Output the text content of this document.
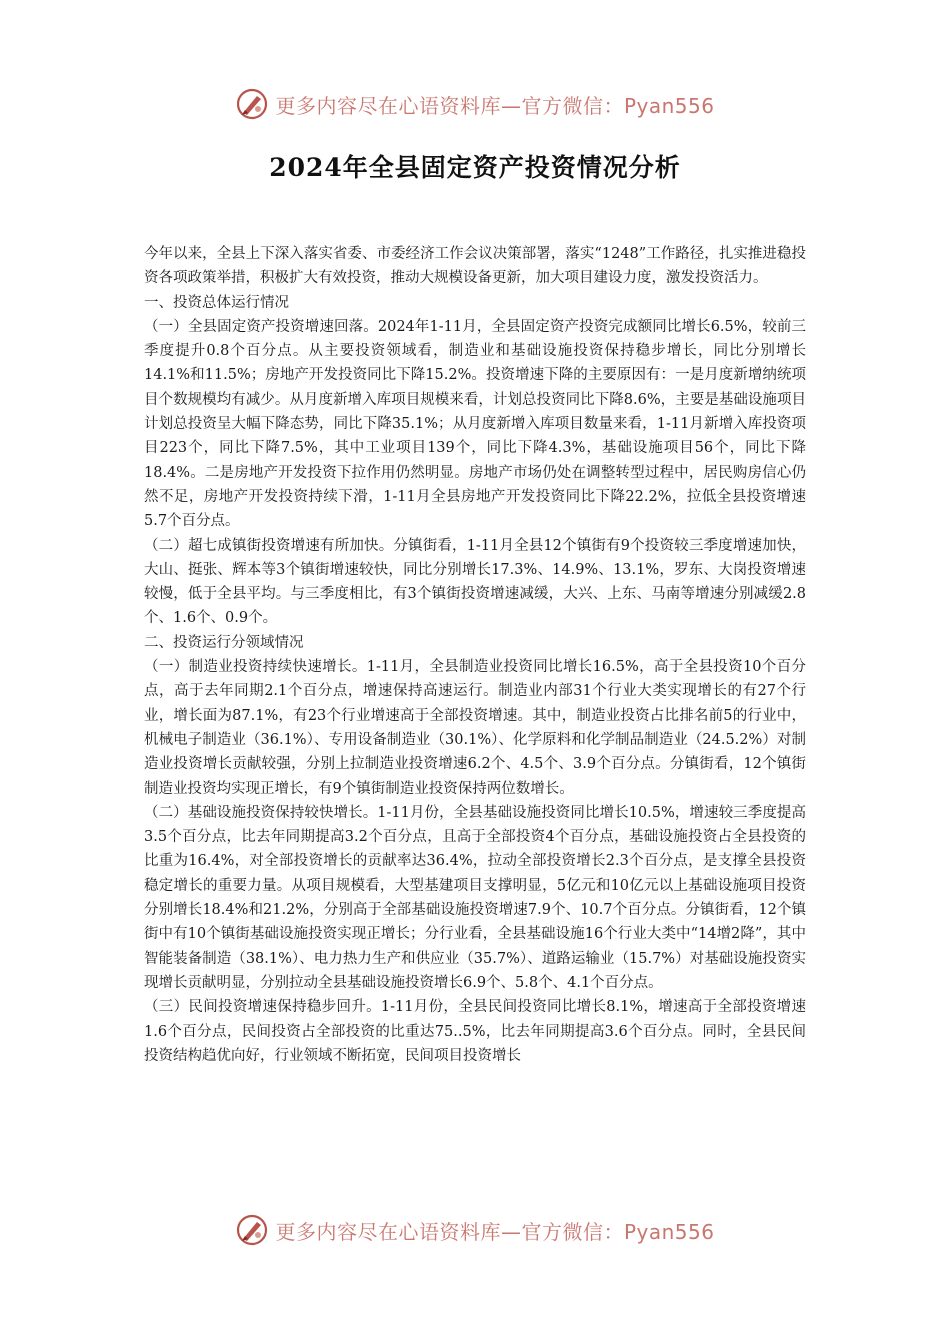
更多内容尽在心语资料库—官方微信：Pyan556
2024年全县固定资产投资情况分析

今年以来，全县上下深入落实省委、市委经济工作会议决策部署，落实“1248”工作路径，扎实推进稳投资各项政策举措，积极扩大有效投资，推动大规模设备更新，加大项目建设力度，激发投资活力。

一、投资总体运行情况

（一）全县固定资产投资增速回落。2024年1-11月，全县固定资产投资完成额同比增长6.5%，较前三季度提升0.8个百分点。从主要投资领域看，制造业和基础设施投资保持稳步增长，同比分别增长14.1%和11.5%；房地产开发投资同比下降15.2%。投资增速下降的主要原因有：一是月度新增纳统项目个数规模均有减少。从月度新增入库项目规模来看，计划总投资同比下降8.6%，主要是基础设施项目计划总投资呈大幅下降态势，同比下降35.1%；从月度新增入库项目数量来看，1-11月新增入库投资项目223个，同比下降7.5%，其中工业项目139个，同比下降4.3%，基础设施项目56个，同比下降18.4%。二是房地产开发投资下拉作用仍然明显。房地产市场仍处在调整转型过程中，居民购房信心仍然不足，房地产开发投资持续下滑，1-11月全县房地产开发投资同比下降22.2%，拉低全县投资增速5.7个百分点。

（二）超七成镇街投资增速有所加快。分镇街看，1-11月全县12个镇街有9个投资较三季度增速加快，大山、挺张、辉本等3个镇街增速较快，同比分别增长17.3%、14.9%、13.1%，罗东、大岗投资增速较慢，低于全县平均。与三季度相比，有3个镇街投资增速减缓，大兴、上东、马南等增速分别减缓2.8个、1.6个、0.9个。

二、投资运行分领域情况

（一）制造业投资持续快速增长。1-11月，全县制造业投资同比增长16.5%，高于全县投资10个百分点，高于去年同期2.1个百分点，增速保持高速运行。制造业内部31个行业大类实现增长的有27个行业，增长面为87.1%，有23个行业增速高于全部投资增速。其中，制造业投资占比排名前5的行业中，机械电子制造业（36.1%）、专用设备制造业（30.1%）、化学原料和化学制品制造业（24.5.2%）对制造业投资增长贡献较强，分别上拉制造业投资增速6.2个、4.5个、3.9个百分点。分镇街看，12个镇街制造业投资均实现正增长，有9个镇街制造业投资保持两位数增长。

（二）基础设施投资保持较快增长。1-11月份，全县基础设施投资同比增长10.5%，增速较三季度提高3.5个百分点，比去年同期提高3.2个百分点，且高于全部投资4个百分点，基础设施投资占全县投资的比重为16.4%，对全部投资增长的贡献率达36.4%，拉动全部投资增长2.3个百分点，是支撑全县投资稳定增长的重要力量。从项目规模看，大型基建项目支撑明显，5亿元和10亿元以上基础设施项目投资分别增长18.4%和21.2%，分别高于全部基础设施投资增速7.9个、10.7个百分点。分镇街看，12个镇街中有10个镇街基础设施投资实现正增长；分行业看，全县基础设施16个行业大类中“14增2降”，其中智能装备制造（38.1%）、电力热力生产和供应业（35.7%）、道路运输业（15.7%）对基础设施投资实现增长贡献明显，分别拉动全县基础设施投资增长6.9个、5.8个、4.1个百分点。

（三）民间投资增速保持稳步回升。1-11月份，全县民间投资同比增长8.1%，增速高于全部投资增速1.6个百分点，民间投资占全部投资的比重达75..5%，比去年同期提高3.6个百分点。同时，全县民间投资结构趋优向好，行业领域不断拓宽，民间项目投资增长

更多内容尽在心语资料库—官方微信：Pyan556
